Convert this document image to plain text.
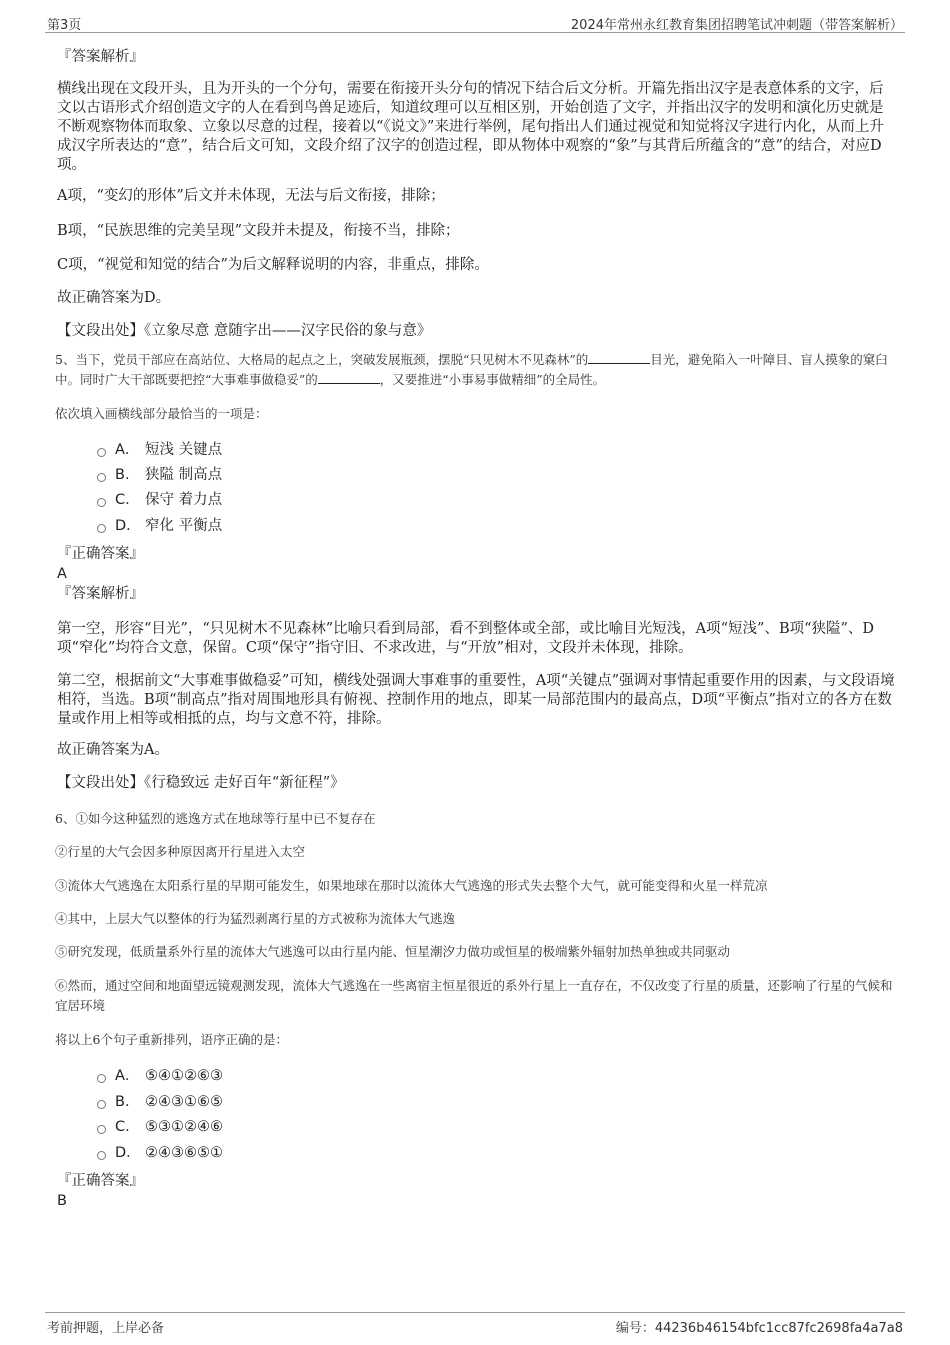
第3页	2024年常州永红教育集团招聘笔试冲刺题（带答案解析）
『答案解析』
横线出现在文段开头，且为开头的一个分句，需要在衔接开头分句的情况下结合后文分析。开篇先指出汉字是表意体系的文字，后文以古语形式介绍创造文字的人在看到鸟兽足迹后，知道纹理可以互相区别，开始创造了文字，并指出汉字的发明和演化历史就是不断观察物体而取象、立象以尽意的过程，接着以“《说文》”来进行举例，尾句指出人们通过视觉和知觉将汉字进行内化，从而上升成汉字所表达的“意”，结合后文可知，文段介绍了汉字的创造过程，即从物体中观察的“象”与其背后所蕴含的“意”的结合，对应D项。
A项，“变幻的形体”后文并未体现，无法与后文衔接，排除；
B项，“民族思维的完美呈现”文段并未提及，衔接不当，排除；
C项，“视觉和知觉的结合”为后文解释说明的内容，非重点，排除。
故正确答案为D。
【文段出处】《立象尽意 意随字出——汉字民俗的象与意》
5、当下，党员干部应在高站位、大格局的起点之上，突破发展瓶颈，摆脱“只见树木不见森林”的	目光，避免陷入一叶障目、盲人摸象的窠臼中。同时广大干部既要把控“大事难事做稳妥”的	，又要推进“小事易事做精细”的全局性。
依次填入画横线部分最恰当的一项是：
A． 短浅 关键点
B． 狭隘 制高点
C． 保守 着力点
D． 窄化 平衡点
『正确答案』
A
『答案解析』
第一空，形容“目光”，“只见树木不见森林”比喻只看到局部，看不到整体或全部，或比喻目光短浅，A项“短浅”、B项“狭隘”、D项“窄化”均符合文意，保留。C项“保守”指守旧、不求改进，与“开放”相对，文段并未体现，排除。
第二空，根据前文“大事难事做稳妥”可知，横线处强调大事难事的重要性，A项“关键点”强调对事情起重要作用的因素，与文段语境相符，当选。B项“制高点”指对周围地形具有俯视、控制作用的地点，即某一局部范围内的最高点，D项“平衡点”指对立的各方在数量或作用上相等或相抵的点，均与文意不符，排除。
故正确答案为A。
【文段出处】《行稳致远 走好百年“新征程”》
6、①如今这种猛烈的逃逸方式在地球等行星中已不复存在
②行星的大气会因多种原因离开行星进入太空
③流体大气逃逸在太阳系行星的早期可能发生，如果地球在那时以流体大气逃逸的形式失去整个大气，就可能变得和火星一样荒凉
④其中，上层大气以整体的行为猛烈剥离行星的方式被称为流体大气逃逸
⑤研究发现，低质量系外行星的流体大气逃逸可以由行星内能、恒星潮汐力做功或恒星的极端紫外辐射加热单独或共同驱动
⑥然而，通过空间和地面望远镜观测发现，流体大气逃逸在一些离宿主恒星很近的系外行星上一直存在，不仅改变了行星的质量，还影响了行星的气候和宜居环境
将以上6个句子重新排列，语序正确的是：
A． ⑤④①②⑥③
B． ②④③①⑥⑤
C． ⑤③①②④⑥
D． ②④③⑥⑤①
『正确答案』
B
考前押题，上岸必备	编号：44236b46154bfc1cc87fc2698fa4a7a8
